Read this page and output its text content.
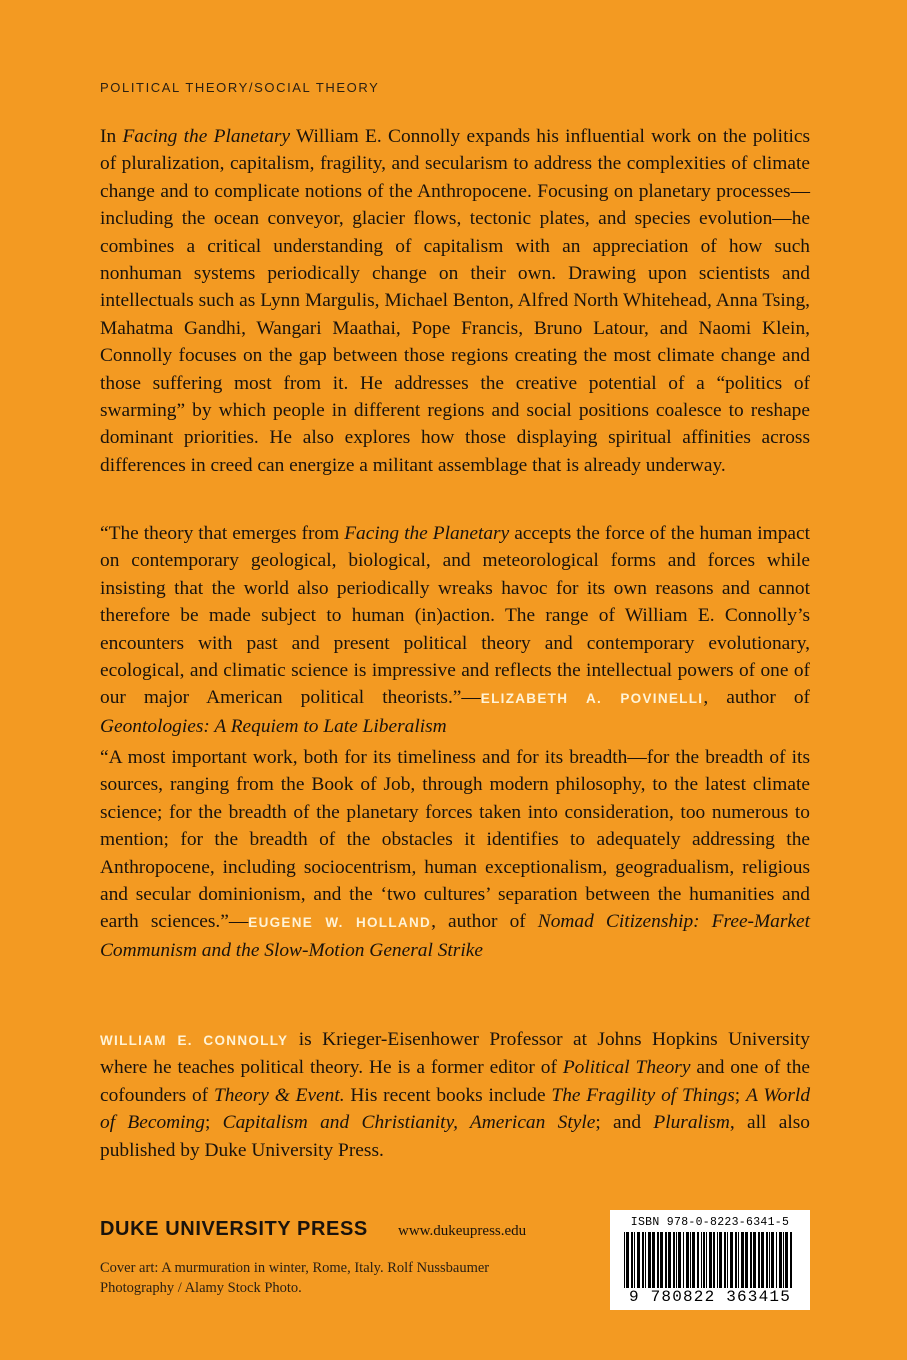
POLITICAL THEORY/SOCIAL THEORY

In Facing the Planetary William E. Connolly expands his influential work on the politics of pluralization, capitalism, fragility, and secularism to address the complexities of climate change and to complicate notions of the Anthropocene. Focusing on planetary processes—including the ocean conveyor, glacier flows, tectonic plates, and species evolution—he combines a critical understanding of capitalism with an appreciation of how such nonhuman systems periodically change on their own. Drawing upon scientists and intellectuals such as Lynn Margulis, Michael Benton, Alfred North Whitehead, Anna Tsing, Mahatma Gandhi, Wangari Maathai, Pope Francis, Bruno Latour, and Naomi Klein, Connolly focuses on the gap between those regions creating the most climate change and those suffering most from it. He addresses the creative potential of a “politics of swarming” by which people in different regions and social positions coalesce to reshape dominant priorities. He also explores how those displaying spiritual affinities across differences in creed can energize a militant assemblage that is already underway.

“The theory that emerges from Facing the Planetary accepts the force of the human impact on contemporary geological, biological, and meteorological forms and forces while insisting that the world also periodically wreaks havoc for its own reasons and cannot therefore be made subject to human (in)action. The range of William E. Connolly’s encounters with past and present political theory and contemporary evolutionary, ecological, and climatic science is impressive and reflects the intellectual powers of one of our major American political theorists.”—ELIZABETH A. POVINELLI, author of Geontologies: A Requiem to Late Liberalism

“A most important work, both for its timeliness and for its breadth—for the breadth of its sources, ranging from the Book of Job, through modern philosophy, to the latest climate science; for the breadth of the planetary forces taken into consideration, too numerous to mention; for the breadth of the obstacles it identifies to adequately addressing the Anthropocene, including sociocentrism, human exceptionalism, geogradualism, religious and secular dominionism, and the ‘two cultures’ separation between the humanities and earth sciences.”—EUGENE W. HOLLAND, author of Nomad Citizenship: Free-Market Communism and the Slow-Motion General Strike

WILLIAM E. CONNOLLY is Krieger-Eisenhower Professor at Johns Hopkins University where he teaches political theory. He is a former editor of Political Theory and one of the cofounders of Theory & Event. His recent books include The Fragility of Things; A World of Becoming; Capitalism and Christianity, American Style; and Pluralism, all also published by Duke University Press.

DUKE UNIVERSITY PRESS www.dukeupress.edu
Cover art: A murmuration in winter, Rome, Italy. Rolf Nussbaumer Photography / Alamy Stock Photo.
ISBN 978-0-8223-6341-5
9 780822 363415
